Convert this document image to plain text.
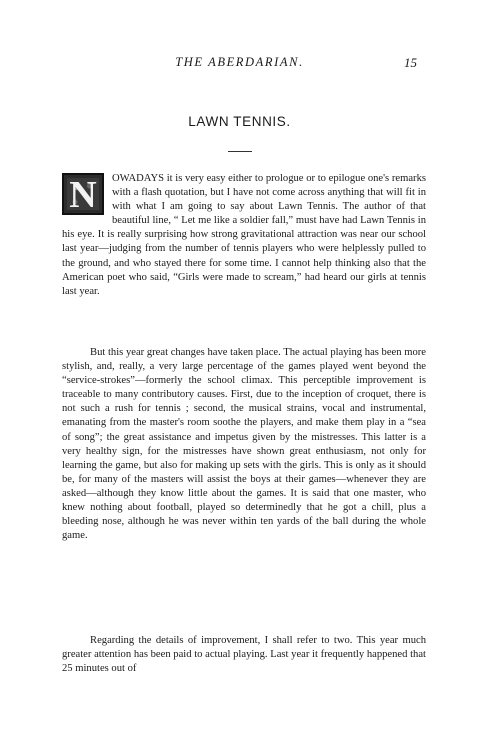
THE ABERDARIAN.	15
LAWN TENNIS.
N	OWADAYS it is very easy either to prologue or to epilogue one's remarks with a flash quotation, but I have not come across anything that will fit in with what I am going to say about Lawn Tennis. The author of that beautiful line, “ Let me like a soldier fall,” must have had Lawn Tennis in his eye. It is really surprising how strong gravitational attraction was near our school last year—judging from the number of tennis players who were helplessly pulled to the ground, and who stayed there for some time. I cannot help thinking also that the American poet who said, “Girls were made to scream,” had heard our girls at tennis last year.

But this year great changes have taken place. The actual playing has been more stylish, and, really, a very large percentage of the games played went beyond the “service-strokes”—formerly the school climax. This perceptible improvement is traceable to many contributory causes. First, due to the inception of croquet, there is not such a rush for tennis ; second, the musical strains, vocal and instrumental, emanating from the master's room soothe the players, and make them play in a “sea of song”; the great assistance and impetus given by the mistresses. This latter is a very healthy sign, for the mistresses have shown great enthusiasm, not only for learning the game, but also for making up sets with the girls. This is only as it should be, for many of the masters will assist the boys at their games—whenever they are asked—although they know little about the games. It is said that one master, who knew nothing about football, played so determinedly that he got a chill, plus a bleeding nose, although he was never within ten yards of the ball during the whole game.

Regarding the details of improvement, I shall refer to two. This year much greater attention has been paid to actual playing. Last year it frequently happened that 25 minutes out of
